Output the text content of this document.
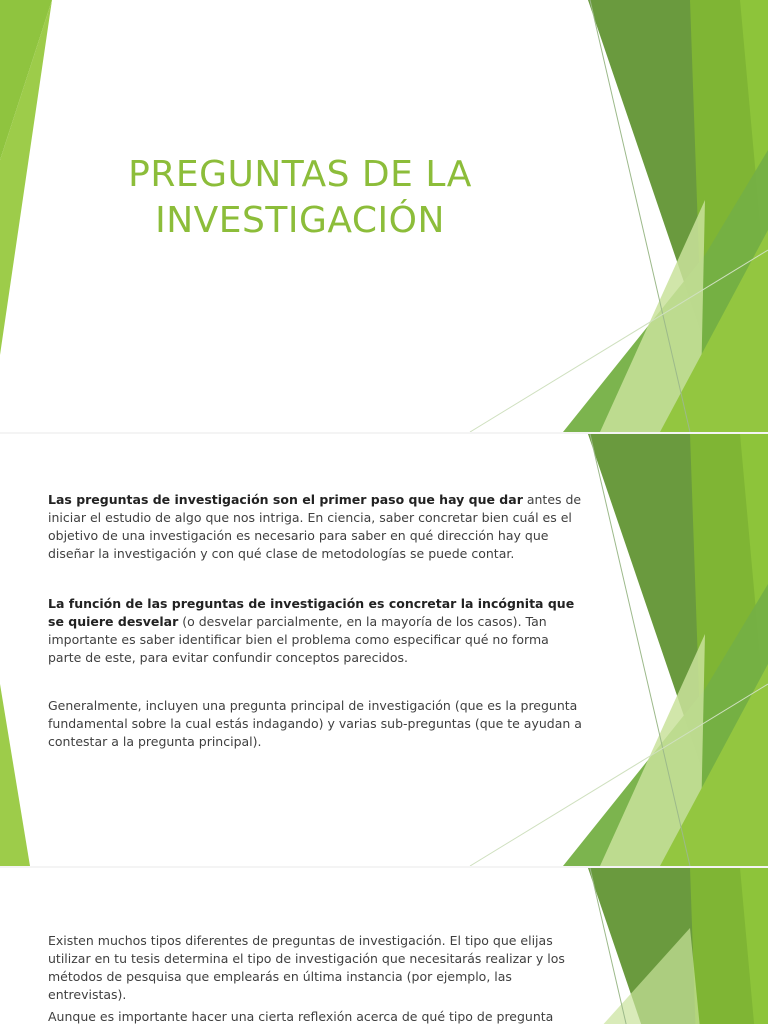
PREGUNTAS DE LA
INVESTIGACIÓN

Las preguntas de investigación son el primer paso que hay que dar antes de iniciar el estudio de algo que nos intriga. En ciencia, saber concretar bien cuál es el objetivo de una investigación es necesario para saber en qué dirección hay que diseñar la investigación y con qué clase de metodologías se puede contar.

La función de las preguntas de investigación es concretar la incógnita que se quiere desvelar (o desvelar parcialmente, en la mayoría de los casos). Tan importante es saber identificar bien el problema como especificar qué no forma parte de este, para evitar confundir conceptos parecidos.

Generalmente, incluyen una pregunta principal de investigación (que es la pregunta fundamental sobre la cual estás indagando) y varias sub-preguntas (que te ayudan a contestar a la pregunta principal).

Existen muchos tipos diferentes de preguntas de investigación. El tipo que elijas utilizar en tu tesis determina el tipo de investigación que necesitarás realizar y los métodos de pesquisa que emplearás en última instancia (por ejemplo, las entrevistas).

Aunque es importante hacer una cierta reflexión acerca de qué tipo de pregunta
